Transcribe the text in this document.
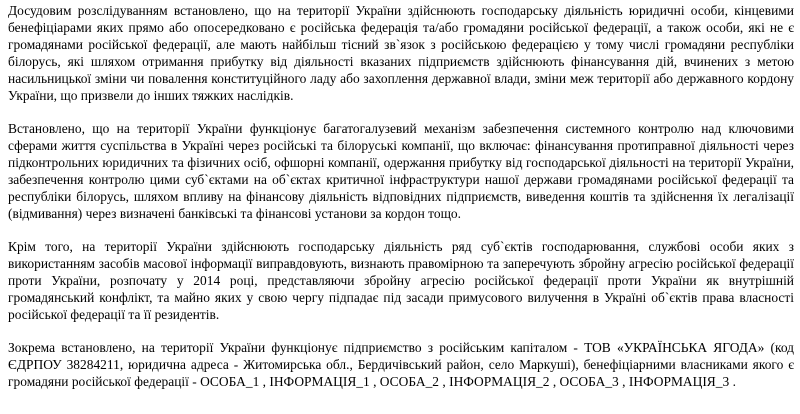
Досудовим розслідуванням встановлено, що на території України здійснюють господарську діяльність юридичні особи, кінцевими бенефіціарами яких прямо або опосередковано є російська федерація та/або громадяни російської федерації, а також особи, які не є громадянами російської федерації, але мають найбільш тісний зв`язок з російською федерацією у тому числі громадяни республіки білорусь, які шляхом отримання прибутку від діяльності вказаних підприємств здійснюють фінансування дій, вчинених з метою насильницької зміни чи повалення конституційного ладу або захоплення державної влади, зміни меж території або державного кордону України, що призвели до інших тяжких наслідків.

Встановлено, що на території України функціонує багатогалузевий механізм забезпечення системного контролю над ключовими сферами життя суспільства в Україні через російські та білоруські компанії, що включає: фінансування протиправної діяльності через підконтрольних юридичних та фізичних осіб, офшорні компанії, одержання прибутку від господарської діяльності на території України, забезпечення контролю цими суб`єктами на об`єктах критичної інфраструктури нашої держави громадянами російської федерації та республіки білорусь, шляхом впливу на фінансову діяльність відповідних підприємств, виведення коштів та здійснення їх легалізації (відмивання) через визначені банківські та фінансові установи за кордон тощо.

Крім того, на території України здійснюють господарську діяльність ряд суб`єктів господарювання, службові особи яких з використанням засобів масової інформації виправдовують, визнають правомірною та заперечують збройну агресію російської федерації проти України, розпочату у 2014 році, представляючи збройну агресію російської федерації проти України як внутрішній громадянський конфлікт, та майно яких у свою чергу підпадає під засади примусового вилучення в Україні об`єктів права власності російської федерації та її резидентів.

Зокрема встановлено, на території України функціонує підприємство з російським капіталом - ТОВ «УКРАЇНСЬКА ЯГОДА» (код ЄДРПОУ 38284211, юридична адреса - Житомирська обл., Бердичівський район, село Маркуші), бенефіціарними власниками якого є громадяни російської федерації - ОСОБА_1 , ІНФОРМАЦІЯ_1 , ОСОБА_2 , ІНФОРМАЦІЯ_2 , ОСОБА_3 , ІНФОРМАЦІЯ_3 .
